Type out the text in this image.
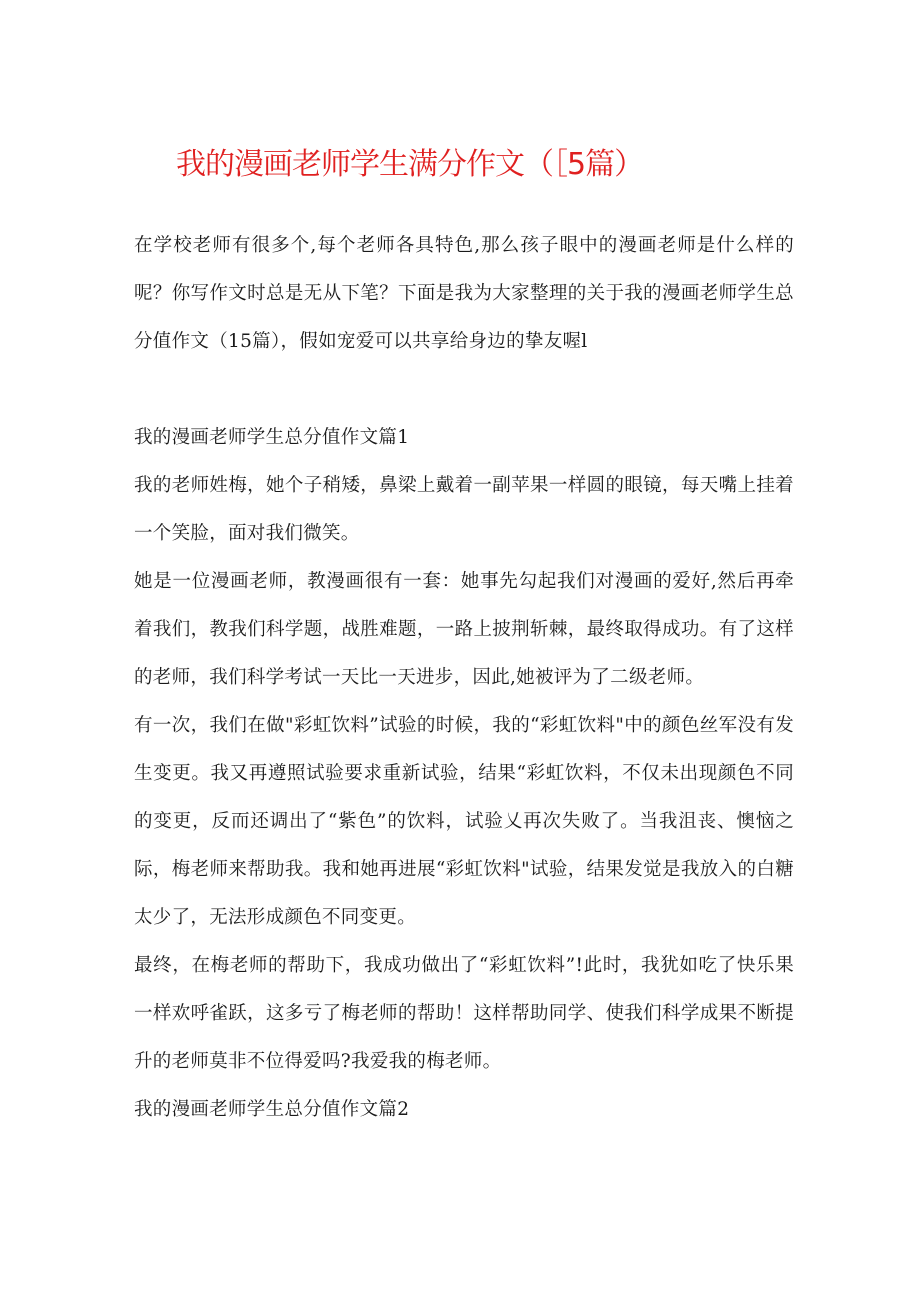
我的漫画老师学生满分作文（［5篇）

在学校老师有很多个,每个老师各具特色,那么孩子眼中的漫画老师是什么样的呢？你写作文时总是无从下笔？下面是我为大家整理的关于我的漫画老师学生总分值作文（15篇），假如宠爱可以共享给身边的挚友喔l

我的漫画老师学生总分值作文篇1

我的老师姓梅，她个子稍矮，鼻梁上戴着一副苹果一样圆的眼镜，每天嘴上挂着一个笑脸，面对我们微笑。

她是一位漫画老师，教漫画很有一套：她事先勾起我们对漫画的爱好,然后再牵着我们，教我们科学题，战胜难题，一路上披荆斩棘，最终取得成功。有了这样的老师，我们科学考试一天比一天进步，因此,她被评为了二级老师。

有一次，我们在做"彩虹饮料”试验的时候，我的“彩虹饮料"中的颜色丝军没有发生变更。我又再遵照试验要求重新试验，结果“彩虹饮料，不仅未出现颜色不同的变更，反而还调出了“紫色”的饮料，试验乂再次失败了。当我沮丧、懊恼之际，梅老师来帮助我。我和她再进展“彩虹饮料"试验，结果发觉是我放入的白糖太少了，无法形成颜色不同变更。

最终，在梅老师的帮助下，我成功做出了“彩虹饮料”!此时，我犹如吃了快乐果一样欢呼雀跃，这多亏了梅老师的帮助！这样帮助同学、使我们科学成果不断提升的老师莫非不位得爱吗?我爱我的梅老师。

我的漫画老师学生总分值作文篇2
